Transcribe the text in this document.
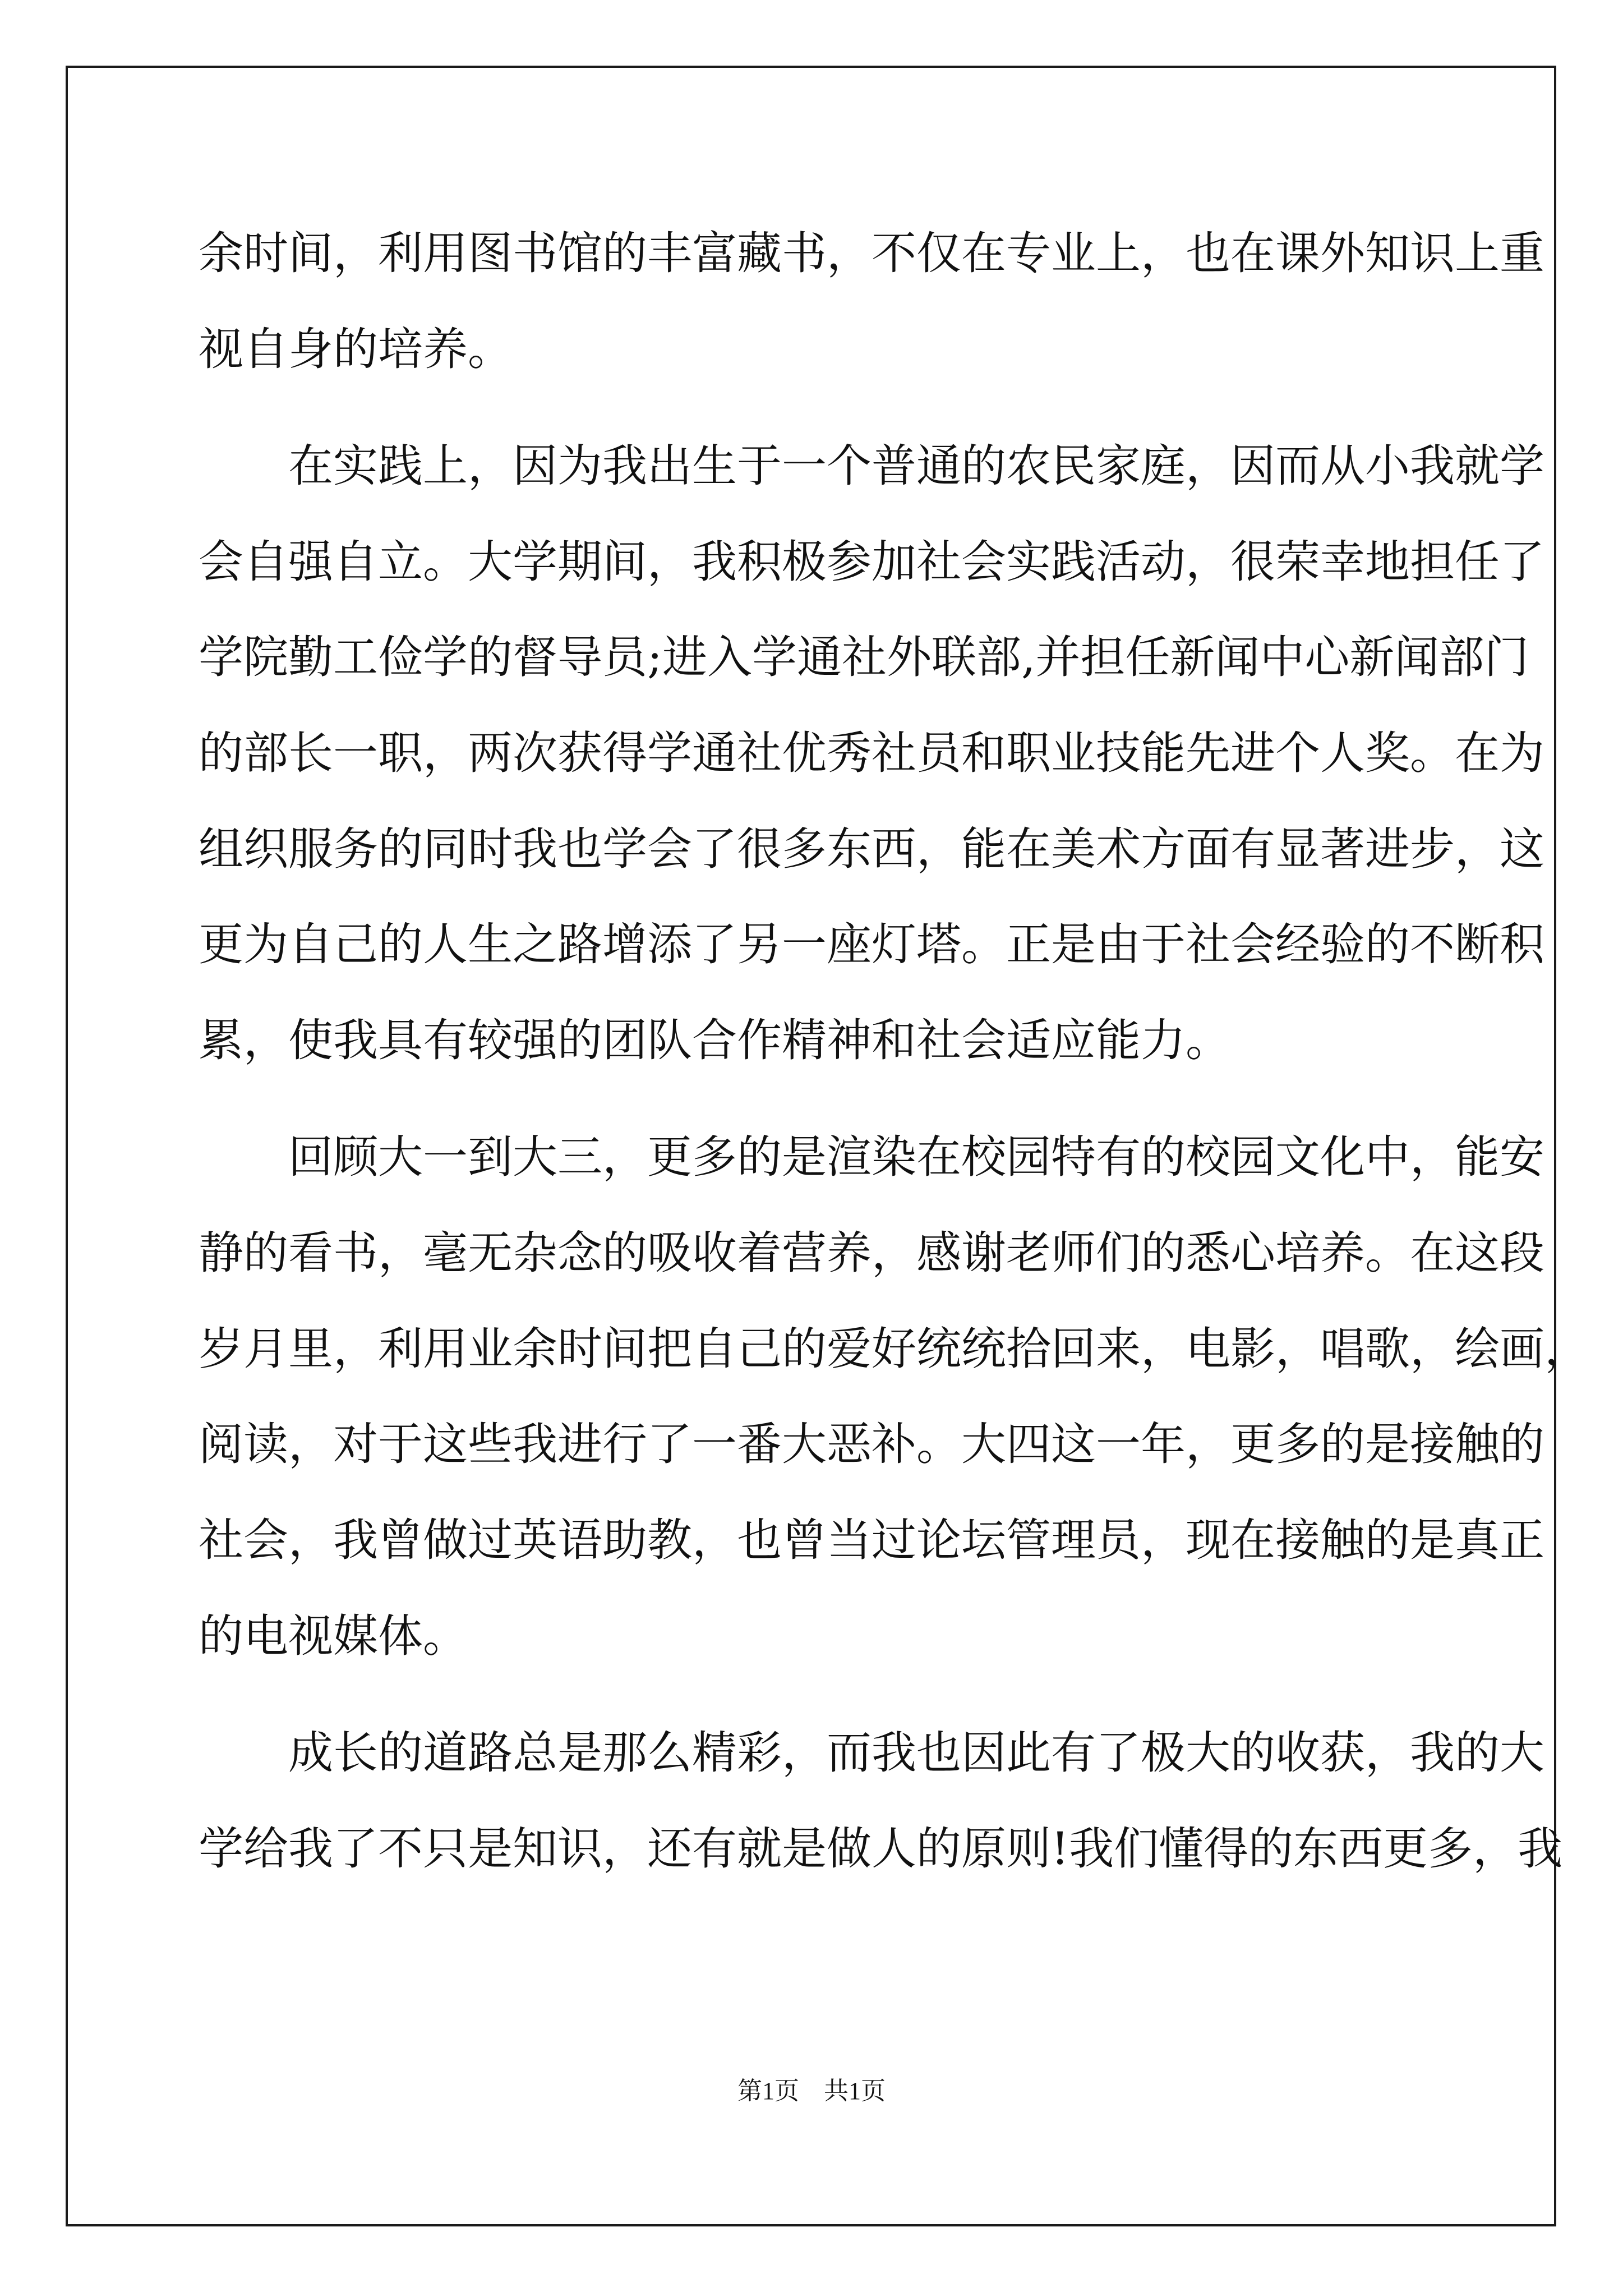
余时间，利用图书馆的丰富藏书，不仅在专业上，也在课外知识上重

视自身的培养。

　　在实践上，因为我出生于一个普通的农民家庭，因而从小我就学

会自强自立。大学期间，我积极参加社会实践活动，很荣幸地担任了

学院勤工俭学的督导员;进入学通社外联部,并担任新闻中心新闻部门

的部长一职，两次获得学通社优秀社员和职业技能先进个人奖。在为

组织服务的同时我也学会了很多东西，能在美术方面有显著进步，这

更为自己的人生之路增添了另一座灯塔。正是由于社会经验的不断积

累，使我具有较强的团队合作精神和社会适应能力。

　　回顾大一到大三，更多的是渲染在校园特有的校园文化中，能安

静的看书，毫无杂念的吸收着营养，感谢老师们的悉心培养。在这段

岁月里，利用业余时间把自己的爱好统统拾回来，电影，唱歌，绘画，

阅读，对于这些我进行了一番大恶补。大四这一年，更多的是接触的

社会，我曾做过英语助教，也曾当过论坛管理员，现在接触的是真正

的电视媒体。

　　成长的道路总是那么精彩，而我也因此有了极大的收获，我的大

学给我了不只是知识，还有就是做人的原则!我们懂得的东西更多，我

第1页　共1页
